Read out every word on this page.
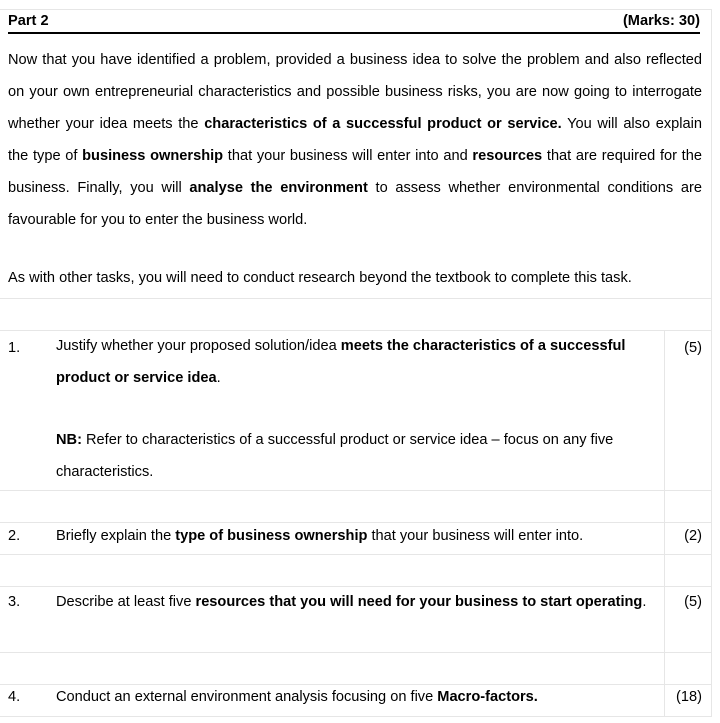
Part 2	(Marks: 30)

Now that you have identified a problem, provided a business idea to solve the problem and also reflected on your own entrepreneurial characteristics and possible business risks, you are now going to interrogate whether your idea meets the characteristics of a successful product or service. You will also explain the type of business ownership that your business will enter into and resources that are required for the business. Finally, you will analyse the environment to assess whether environmental conditions are favourable for you to enter the business world.

As with other tasks, you will need to conduct research beyond the textbook to complete this task.

1. Justify whether your proposed solution/idea meets the characteristics of a successful product or service idea.

NB: Refer to characteristics of a successful product or service idea – focus on any five characteristics.

(5)
2. Briefly explain the type of business ownership that your business will enter into.	(2)
3. Describe at least five resources that you will need for your business to start operating.	(5)
4. Conduct an external environment analysis focusing on five Macro-factors.	(18)
